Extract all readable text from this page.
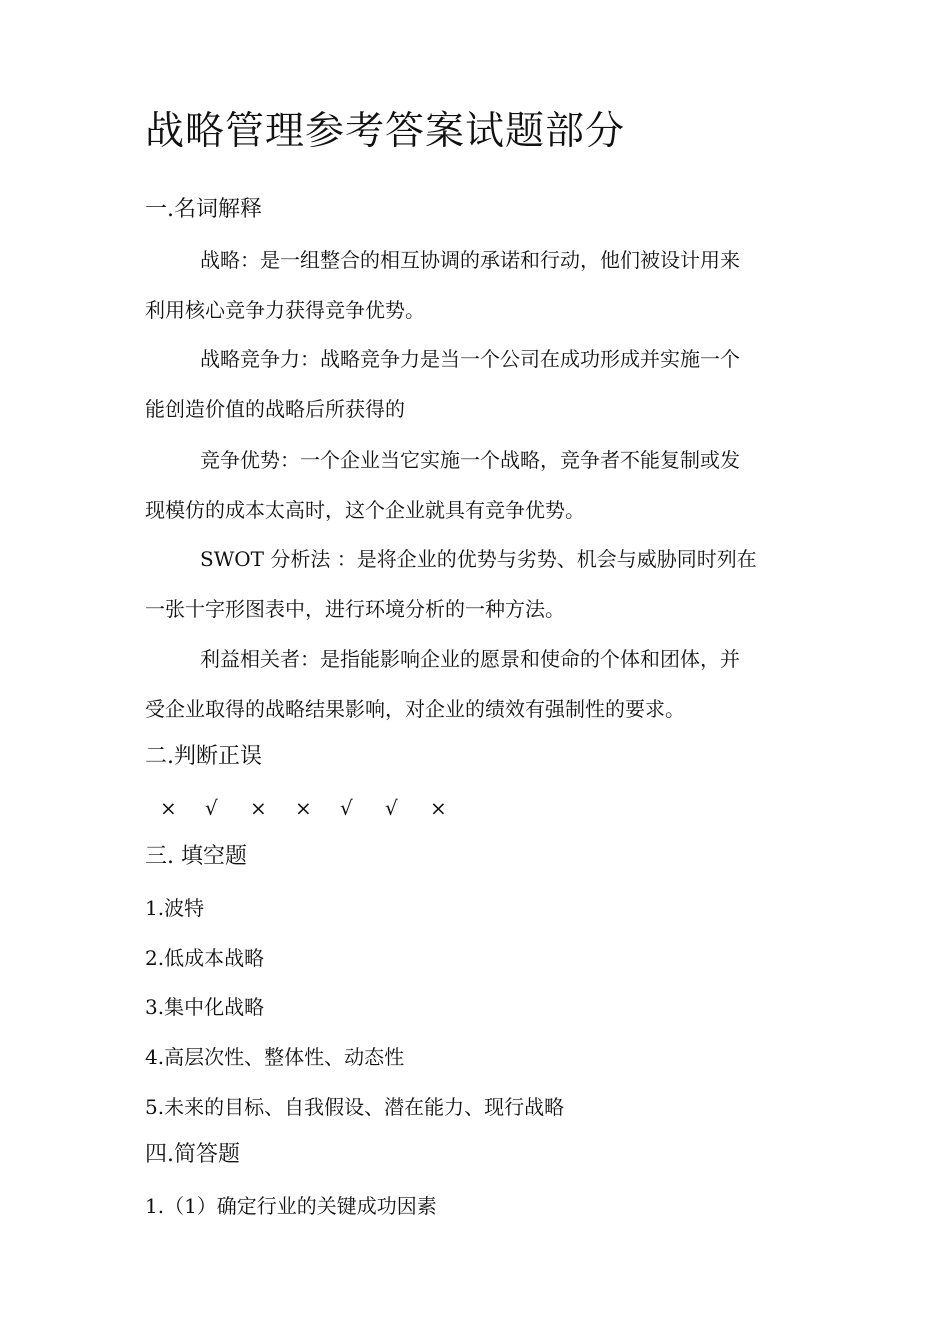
战略管理参考答案试题部分
一.名词解释
战略：是一组整合的相互协调的承诺和行动，他们被设计用来
利用核心竞争力获得竞争优势。
战略竞争力：战略竞争力是当一个公司在成功形成并实施一个
能创造价值的战略后所获得的
竞争优势：一个企业当它实施一个战略，竞争者不能复制或发
现模仿的成本太高时，这个企业就具有竞争优势。
SWOT 分析法 ：是将企业的优势与劣势、机会与威胁同时列在
一张十字形图表中，进行环境分析的一种方法。
利益相关者：是指能影响企业的愿景和使命的个体和团体，并
受企业取得的战略结果影响，对企业的绩效有强制性的要求。
二.判断正误
×	√	×	×	√	√	×
三. 填空题
1.波特
2.低成本战略
3.集中化战略
4.高层次性、整体性、动态性
5.未来的目标、自我假设、潜在能力、现行战略
四.简答题
1.（1）确定行业的关键成功因素
